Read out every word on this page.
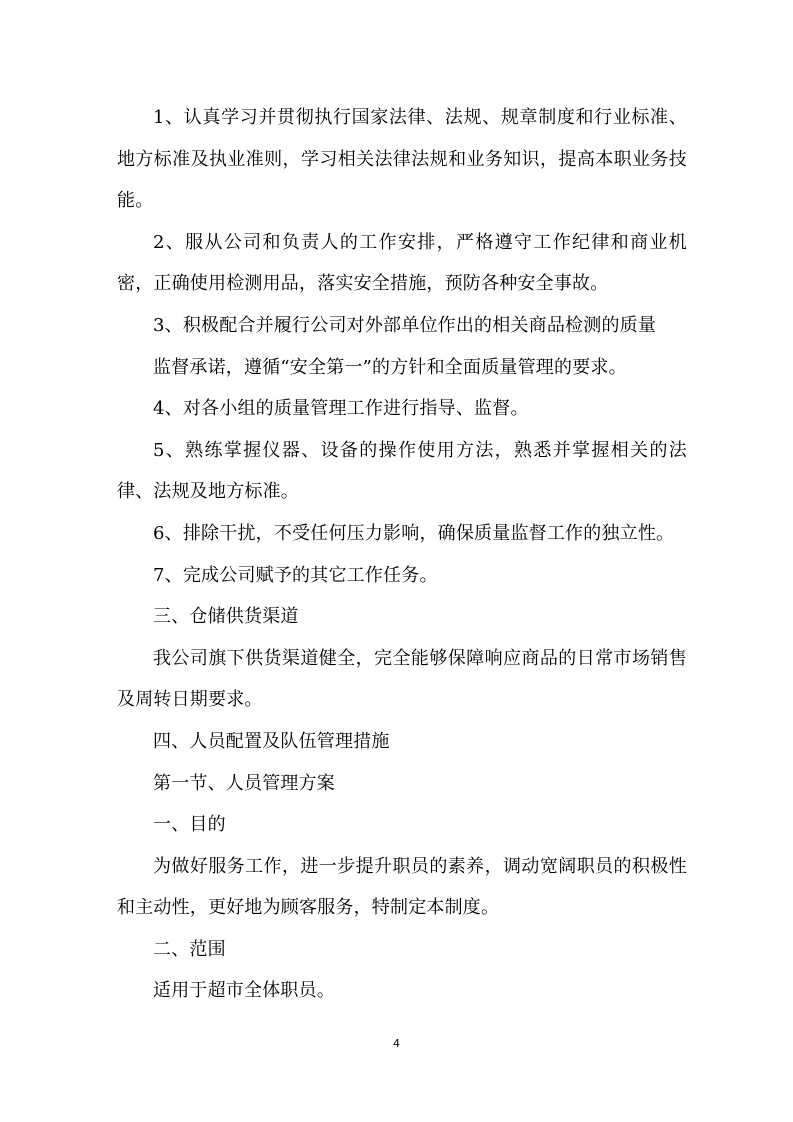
1、认真学习并贯彻执行国家法律、法规、规章制度和行业标准、地方标准及执业准则，学习相关法律法规和业务知识，提高本职业务技能。

2、服从公司和负责人的工作安排，严格遵守工作纪律和商业机密，正确使用检测用品，落实安全措施，预防各种安全事故。

3、积极配合并履行公司对外部单位作出的相关商品检测的质量

监督承诺，遵循“安全第一”的方针和全面质量管理的要求。

4、对各小组的质量管理工作进行指导、监督。

5、熟练掌握仪器、设备的操作使用方法，熟悉并掌握相关的法律、法规及地方标准。

6、排除干扰，不受任何压力影响，确保质量监督工作的独立性。

7、完成公司赋予的其它工作任务。

三、仓储供货渠道

我公司旗下供货渠道健全，完全能够保障响应商品的日常市场销售及周转日期要求。

四、人员配置及队伍管理措施

第一节、人员管理方案

一、目的

为做好服务工作，进一步提升职员的素养，调动宽阔职员的积极性和主动性，更好地为顾客服务，特制定本制度。

二、范围

适用于超市全体职员。

4
